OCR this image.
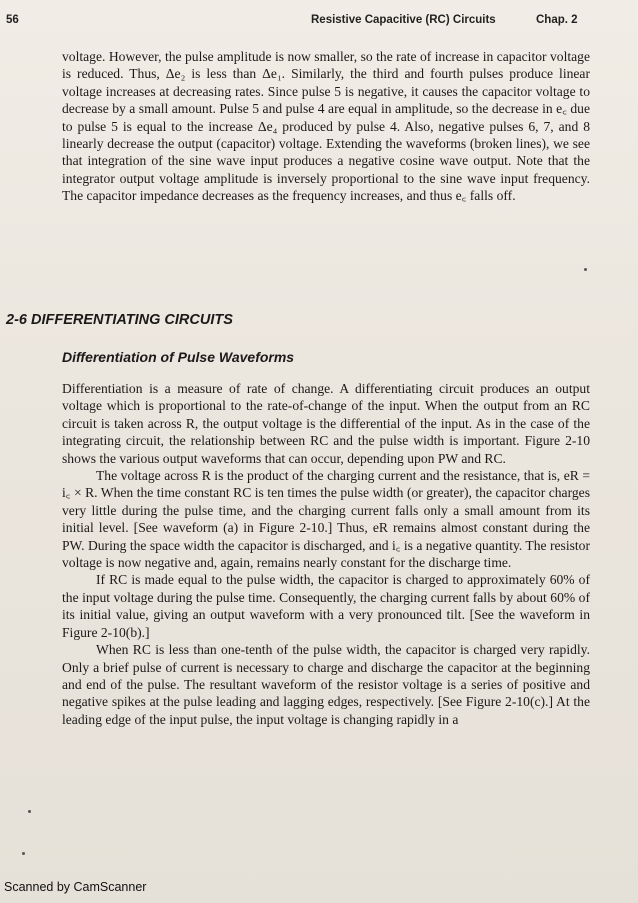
56	Resistive Capacitive (RC) Circuits	Chap. 2

voltage. However, the pulse amplitude is now smaller, so the rate of increase in capacitor voltage is reduced. Thus, Δe₂ is less than Δe₁. Similarly, the third and fourth pulses produce linear voltage increases at decreasing rates. Since pulse 5 is negative, it causes the capacitor voltage to decrease by a small amount. Pulse 5 and pulse 4 are equal in amplitude, so the decrease in e꜀ due to pulse 5 is equal to the increase Δe₄ produced by pulse 4. Also, negative pulses 6, 7, and 8 linearly decrease the output (capacitor) voltage. Extending the waveforms (broken lines), we see that integration of the sine wave input produces a negative cosine wave output. Note that the integrator output voltage amplitude is inversely proportional to the sine wave input frequency. The capacitor impedance decreases as the frequency increases, and thus e꜀ falls off.

2-6 DIFFERENTIATING CIRCUITS
Differentiation of Pulse Waveforms

Differentiation is a measure of rate of change. A differentiating circuit produces an output voltage which is proportional to the rate-of-change of the input. When the output from an RC circuit is taken across R, the output voltage is the differential of the input. As in the case of the integrating circuit, the relationship between RC and the pulse width is important. Figure 2-10 shows the various output waveforms that can occur, depending upon PW and RC.

The voltage across R is the product of the charging current and the resistance, that is, eR = i꜀ × R. When the time constant RC is ten times the pulse width (or greater), the capacitor charges very little during the pulse time, and the charging current falls only a small amount from its initial level. [See waveform (a) in Figure 2-10.] Thus, eR remains almost constant during the PW. During the space width the capacitor is discharged, and i꜀ is a negative quantity. The resistor voltage is now negative and, again, remains nearly constant for the discharge time.

If RC is made equal to the pulse width, the capacitor is charged to approximately 60% of the input voltage during the pulse time. Consequently, the charging current falls by about 60% of its initial value, giving an output waveform with a very pronounced tilt. [See the waveform in Figure 2-10(b).]

When RC is less than one-tenth of the pulse width, the capacitor is charged very rapidly. Only a brief pulse of current is necessary to charge and discharge the capacitor at the beginning and end of the pulse. The resultant waveform of the resistor voltage is a series of positive and negative spikes at the pulse leading and lagging edges, respectively. [See Figure 2-10(c).] At the leading edge of the input pulse, the input voltage is changing rapidly in a

Scanned by CamScanner
